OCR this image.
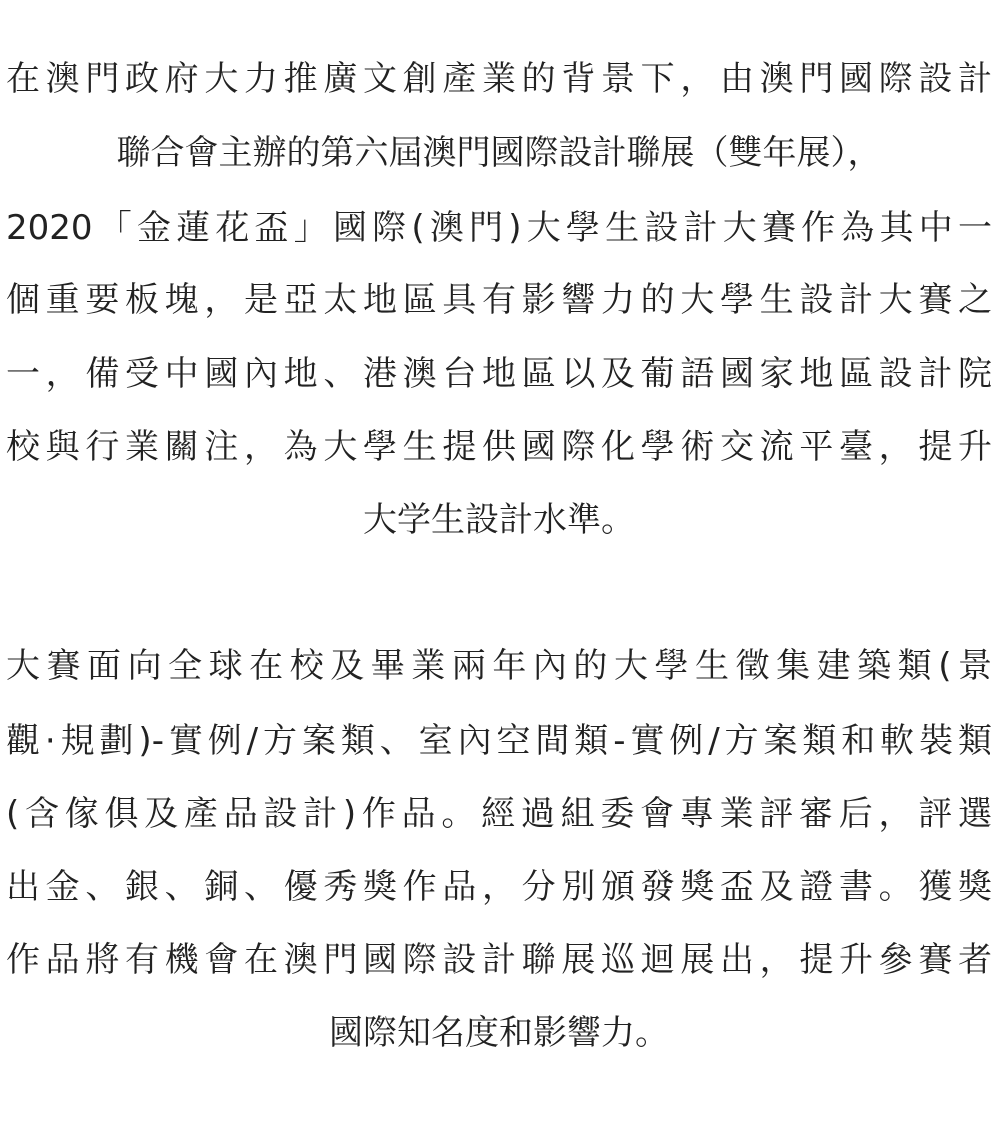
在澳門政府大力推廣文創產業的背景下，由澳門國際設計
聯合會主辦的第六屆澳門國際設計聯展（雙年展），
2020「金蓮花盃」國際(澳門)大學生設計大賽作為其中一
個重要板塊，是亞太地區具有影響力的大學生設計大賽之
一，備受中國內地、港澳台地區以及葡語國家地區設計院
校與行業關注，為大學生提供國際化學術交流平臺，提升
大学生設計水準。
大賽面向全球在校及畢業兩年內的大學生徵集建築類(景
觀·規劃)-實例/方案類、室內空間類-實例/方案類和軟裝類
(含傢俱及產品設計)作品。經過組委會專業評審后，評選
出金、銀、銅、優秀獎作品，分別頒發獎盃及證書。獲獎
作品將有機會在澳門國際設計聯展巡迴展出，提升參賽者
國際知名度和影響力。
